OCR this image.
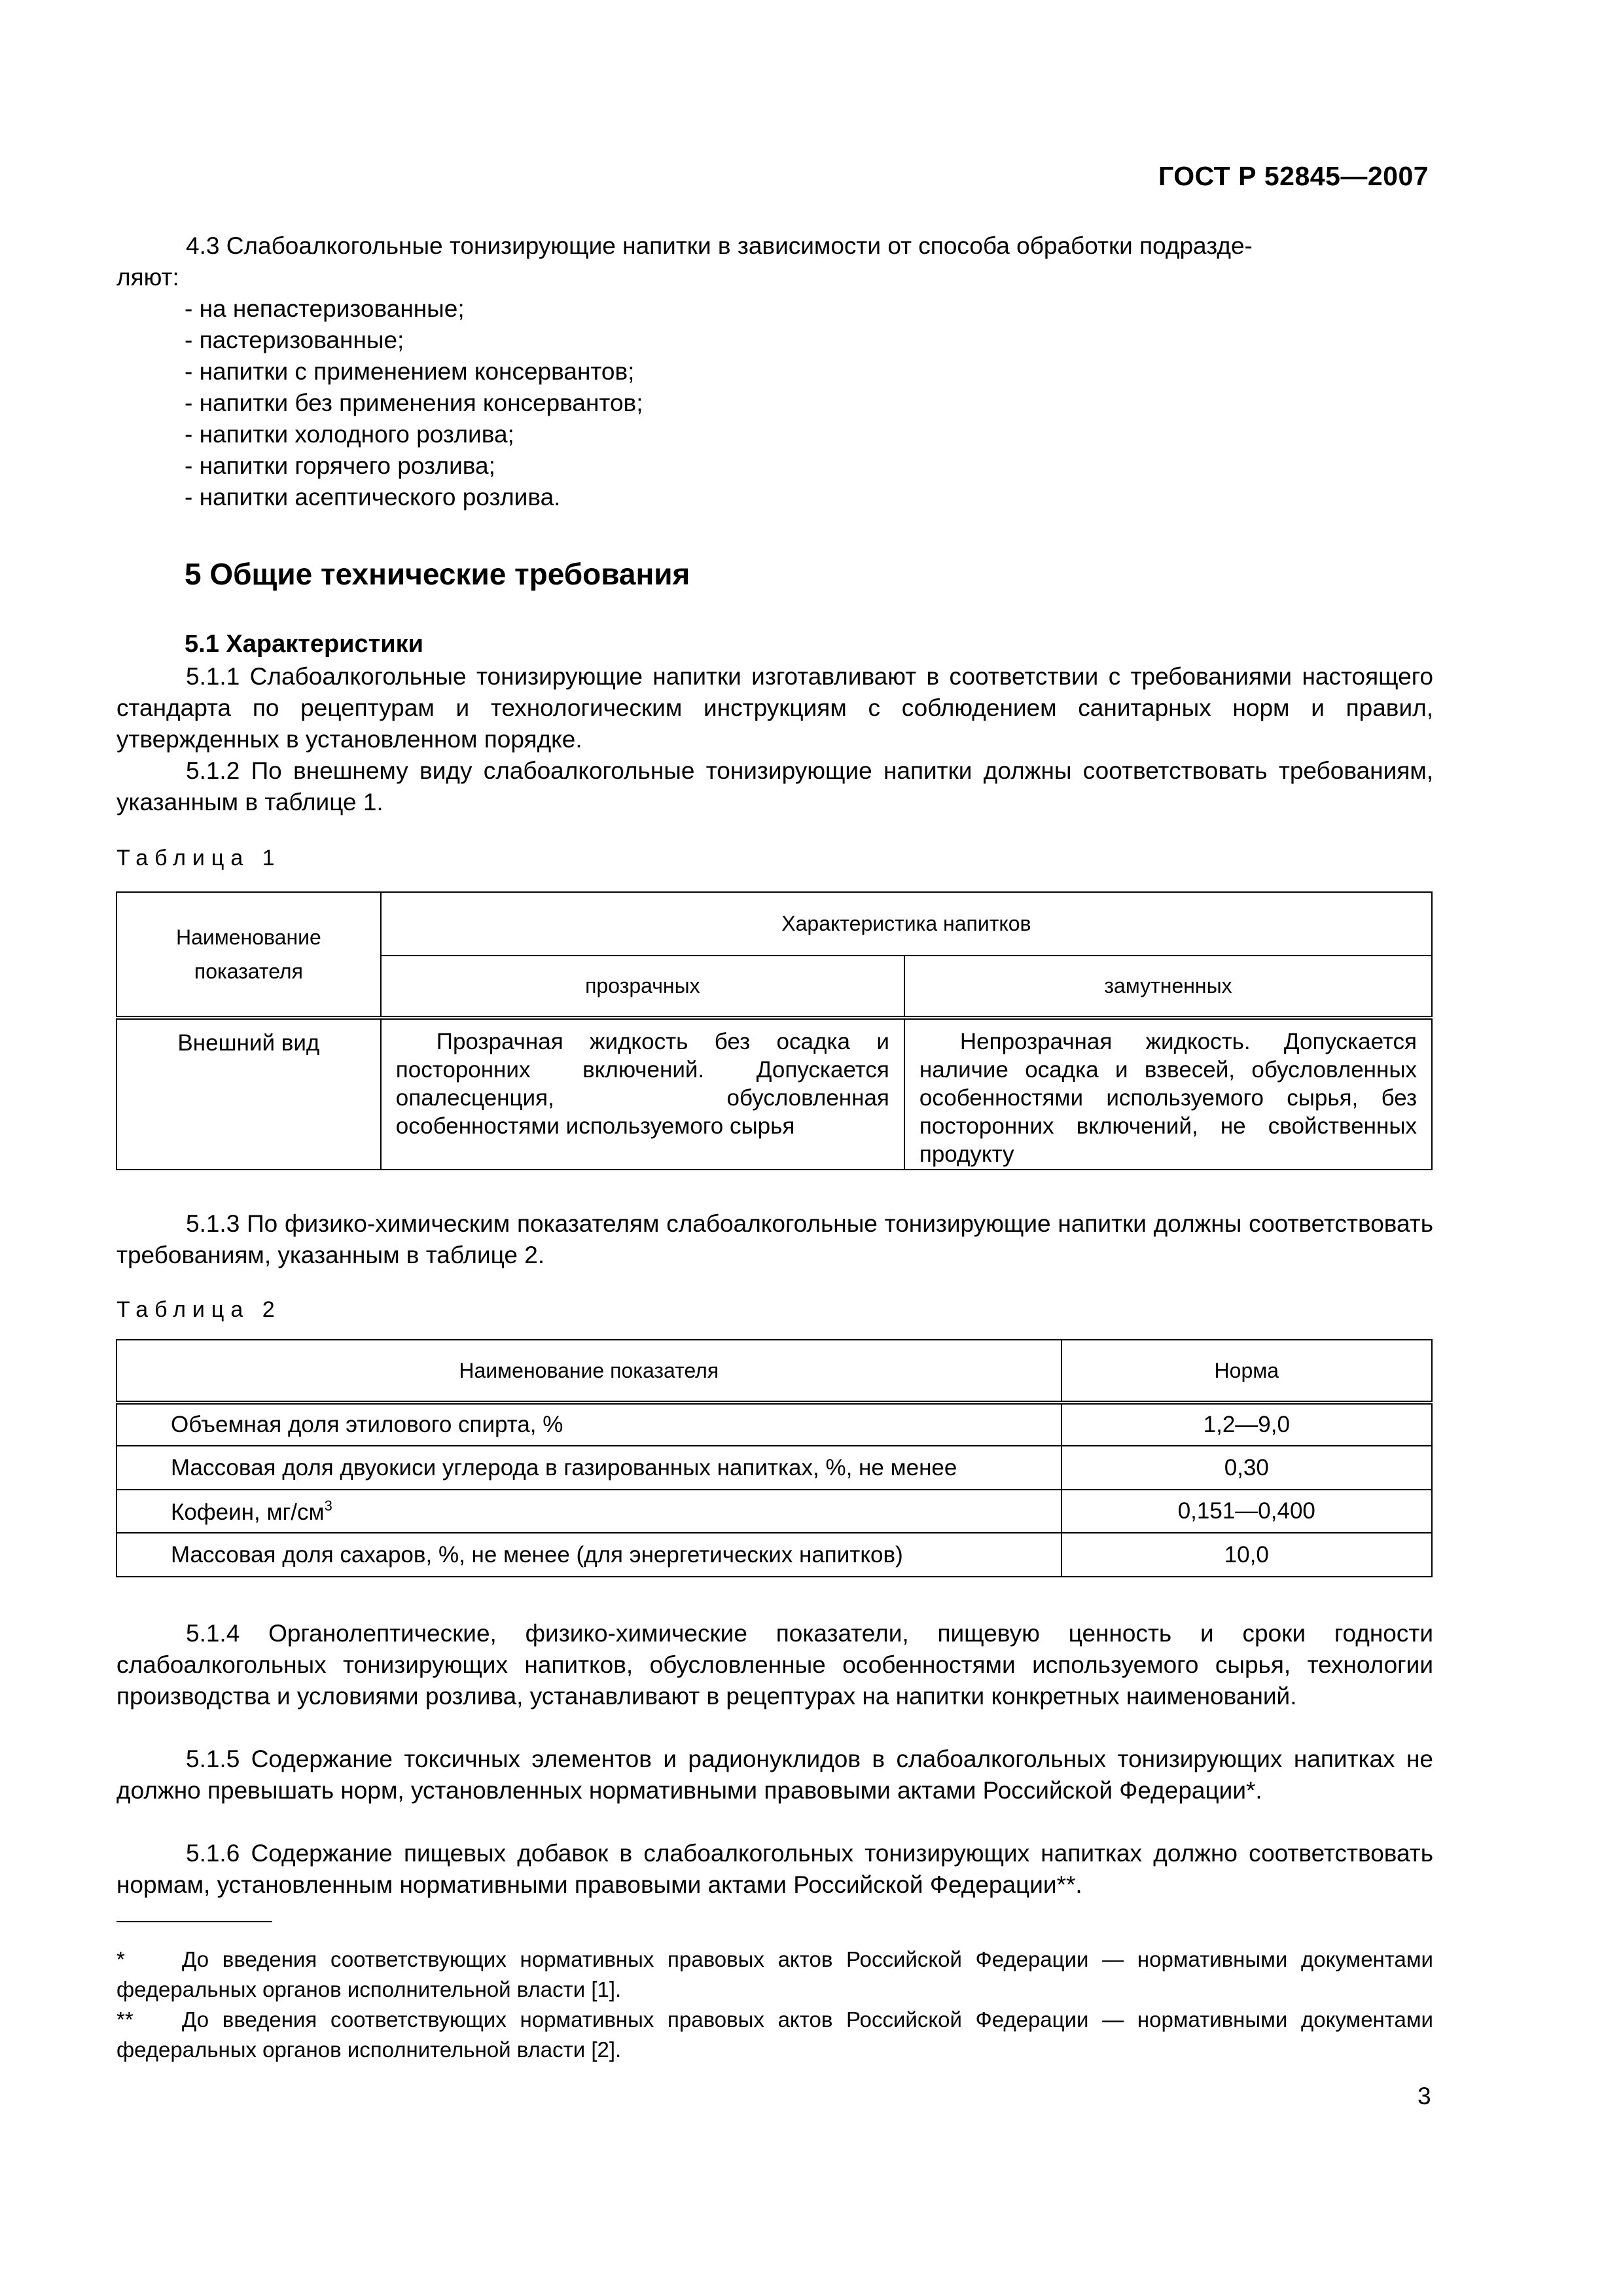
ГОСТ Р 52845—2007
4.3 Слабоалкогольные тонизирующие напитки в зависимости от способа обработки подразде-
ляют:
- на непастеризованные;
- пастеризованные;
- напитки с применением консервантов;
- напитки без применения консервантов;
- напитки холодного розлива;
- напитки горячего розлива;
- напитки асептического розлива.
5 Общие технические требования
5.1 Характеристики
5.1.1 Слабоалкогольные тонизирующие напитки изготавливают в соответствии с требованиями настоящего стандарта по рецептурам и технологическим инструкциям с соблюдением санитарных норм и правил, утвержденных в установленном порядке.
5.1.2 По внешнему виду слабоалкогольные тонизирующие напитки должны соответствовать требованиям, указанным в таблице 1.
Таблица 1
Наименование показателя	Характеристика напитков	
	прозрачных	замутненных
Внешний вид	Прозрачная жидкость без осадка и посторонних включений. Допускается опалесценция, обусловленная особенностями используемого сырья	Непрозрачная жидкость. Допускается наличие осадка и взвесей, обусловленных особенностями используемого сырья, без посторонних включений, не свойственных продукту
5.1.3 По физико-химическим показателям слабоалкогольные тонизирующие напитки должны соответствовать требованиям, указанным в таблице 2.
Таблица 2
Наименование показателя	Норма
Объемная доля этилового спирта, %	1,2—9,0
Массовая доля двуокиси углерода в газированных напитках, %, не менее	0,30
Кофеин, $мг/см^3$	0,151—0,400
Массовая доля сахаров, %, не менее (для энергетических напитков)	10,0
5.1.4 Органолептические, физико-химические показатели, пищевую ценность и сроки годности слабоалкогольных тонизирующих напитков, обусловленные особенностями используемого сырья, технологии производства и условиями розлива, устанавливают в рецептурах на напитки конкретных наименований.
5.1.5 Содержание токсичных элементов и радионуклидов в слабоалкогольных тонизирующих напитках не должно превышать норм, установленных нормативными правовыми актами Российской Федерации*.
5.1.6 Содержание пищевых добавок в слабоалкогольных тонизирующих напитках должно соответствовать нормам, установленным нормативными правовыми актами Российской Федерации**.
*	До введения соответствующих нормативных правовых актов Российской Федерации — нормативными документами федеральных органов исполнительной власти [1].
** До введения соответствующих нормативных правовых актов Российской Федерации — нормативными документами федеральных органов исполнительной власти [2].
3
